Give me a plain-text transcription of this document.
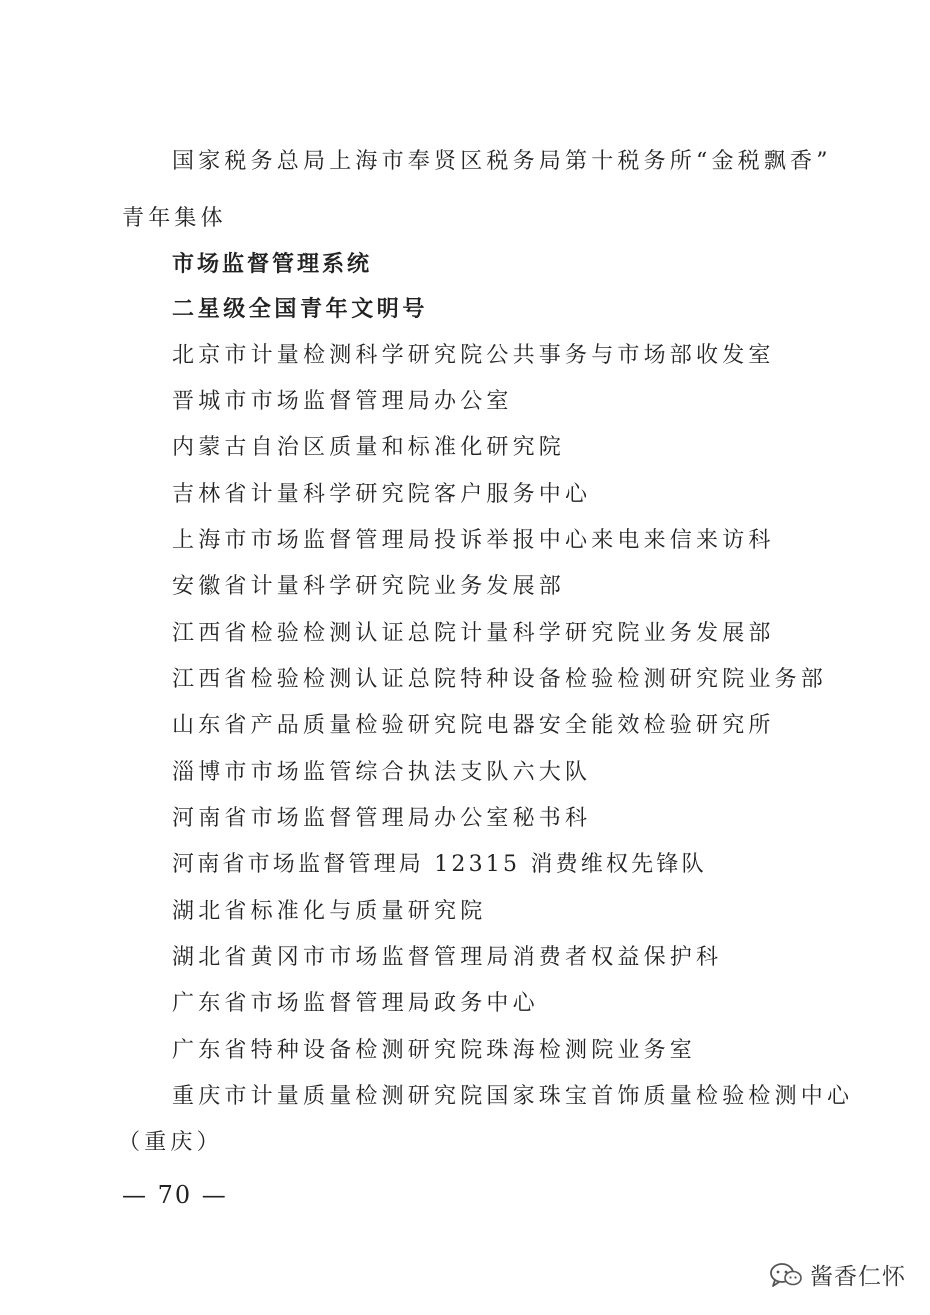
国家税务总局上海市奉贤区税务局第十税务所“金税飘香”
青年集体
市场监督管理系统
二星级全国青年文明号
北京市计量检测科学研究院公共事务与市场部收发室
晋城市市场监督管理局办公室
内蒙古自治区质量和标准化研究院
吉林省计量科学研究院客户服务中心
上海市市场监督管理局投诉举报中心来电来信来访科
安徽省计量科学研究院业务发展部
江西省检验检测认证总院计量科学研究院业务发展部
江西省检验检测认证总院特种设备检验检测研究院业务部
山东省产品质量检验研究院电器安全能效检验研究所
淄博市市场监管综合执法支队六大队
河南省市场监督管理局办公室秘书科
河南省市场监督管理局 12315 消费维权先锋队
湖北省标准化与质量研究院
湖北省黄冈市市场监督管理局消费者权益保护科
广东省市场监督管理局政务中心
广东省特种设备检测研究院珠海检测院业务室
重庆市计量质量检测研究院国家珠宝首饰质量检验检测中心
（重庆）
— 70 —
酱香仁怀
